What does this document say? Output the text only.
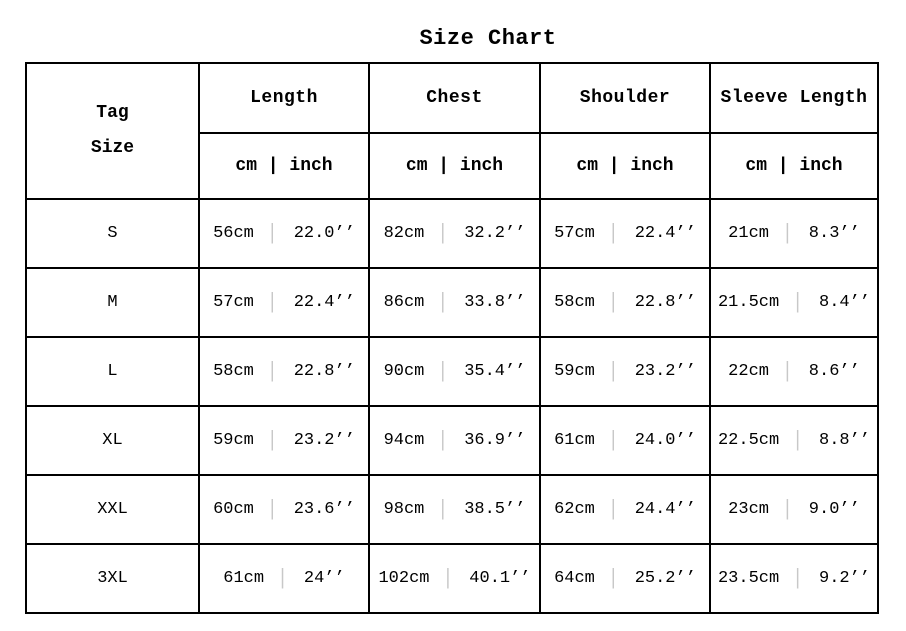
Size Chart
Tag
Size	Length	Chest	Shoulder	Sleeve Length
	cm | inch	cm | inch	cm | inch	cm | inch
S	56cm | 22.0’’	82cm | 32.2’’	57cm | 22.4’’	21cm | 8.3’’

M	57cm | 22.4’’	86cm | 33.8’’	58cm | 22.8’’	21.5cm | 8.4’’

L	58cm | 22.8’’	90cm | 35.4’’	59cm | 23.2’’	22cm | 8.6’’

XL	59cm | 23.2’’	94cm | 36.9’’	61cm | 24.0’’	22.5cm | 8.8’’

XXL	60cm | 23.6’’	98cm | 38.5’’	62cm | 24.4’’	23cm | 9.0’’

3XL	61cm | 24’’	102cm | 40.1’’	64cm | 25.2’’	23.5cm | 9.2’’
